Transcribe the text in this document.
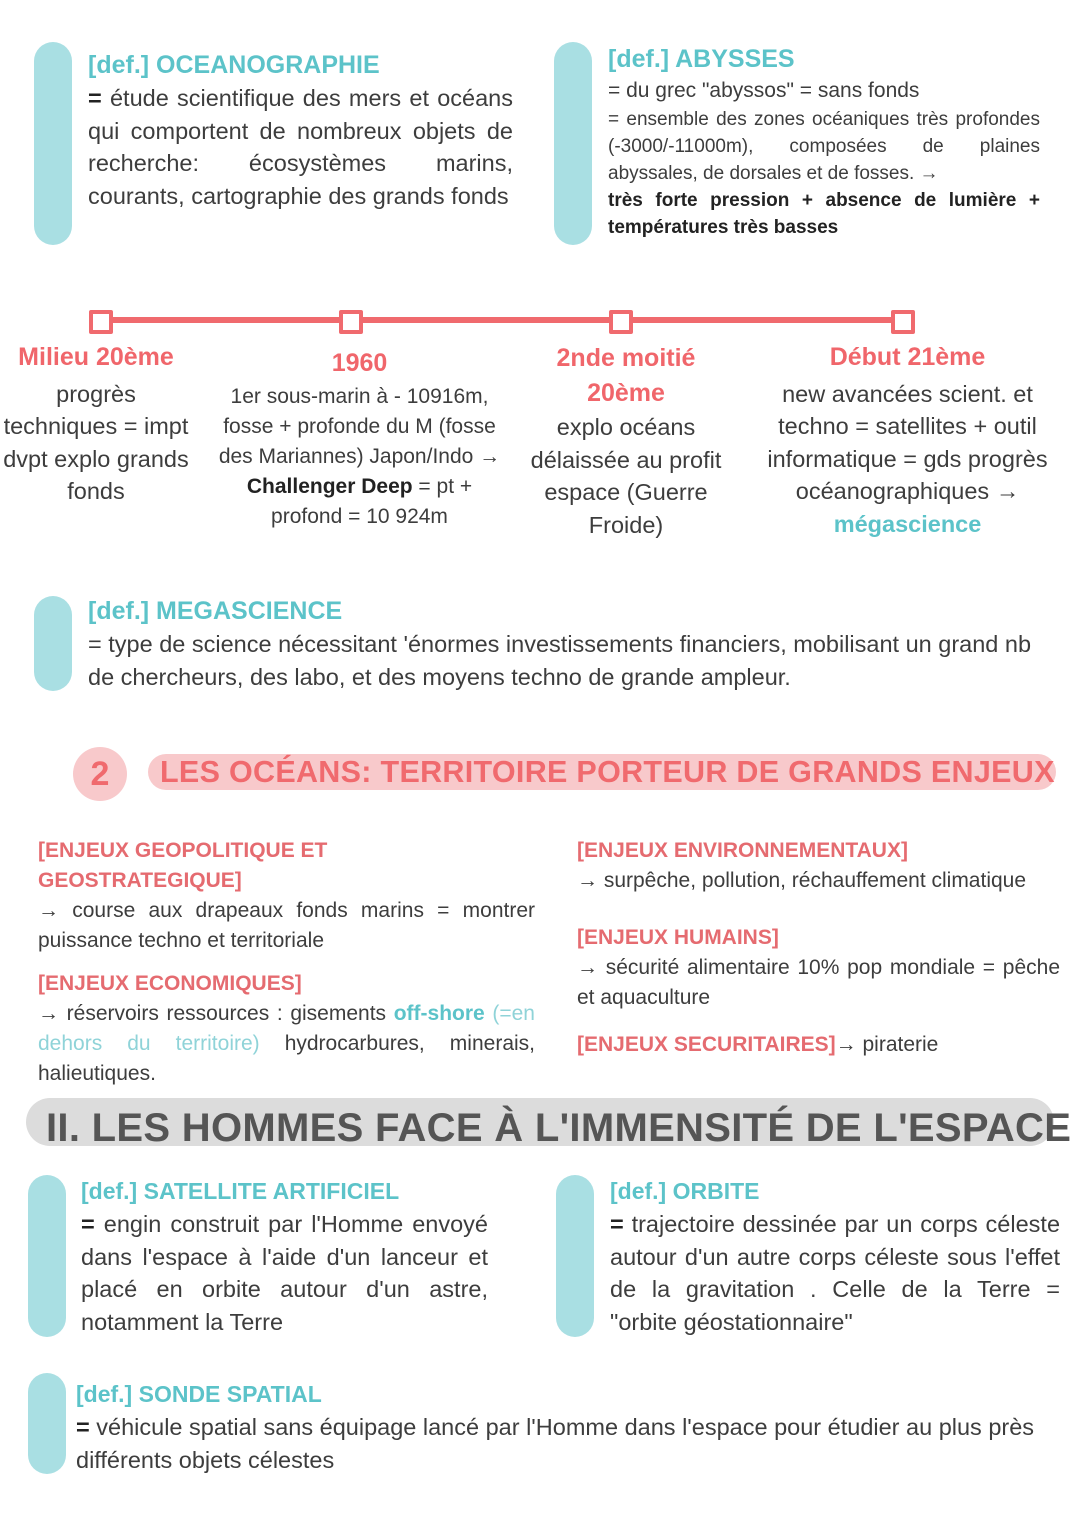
[def.] OCEANOGRAPHIE
= étude scientifique des mers et océans qui comportent de nombreux objets de recherche: écosystèmes marins, courants, cartographie des grands fonds
[def.] ABYSSES
= du grec "abyssos" = sans fonds
= ensemble des zones océaniques très profondes (-3000/-11000m), composées de plaines abyssales, de dorsales et de fosses. →
très forte pression + absence de lumière + températures très basses
Milieu 20ème
progrès techniques = impt dvpt explo grands fonds
1960
1er sous-marin à - 10916m, fosse + profonde du M (fosse des Mariannes) Japon/Indo → Challenger Deep = pt + profond = 10 924m
2nde moitié 20ème
explo océans délaissée au profit espace (Guerre Froide)
Début 21ème
new avancées scient. et techno = satellites + outil informatique = gds progrès océanographiques → mégascience
[def.] MEGASCIENCE
= type de science nécessitant 'énormes investissements financiers, mobilisant un grand nb de chercheurs, des labo, et des moyens techno de grande ampleur.
2	LES OCÉANS: TERRITOIRE PORTEUR DE GRANDS ENJEUX
[ENJEUX GEOPOLITIQUE ET GEOSTRATEGIQUE]
→ course aux drapeaux fonds marins = montrer puissance techno et territoriale
[ENJEUX ECONOMIQUES]
→ réservoirs ressources : gisements off-shore (=en dehors du territoire) hydrocarbures, minerais, halieutiques.
[ENJEUX ENVIRONNEMENTAUX]
→ surpêche, pollution, réchauffement climatique
[ENJEUX HUMAINS]
→ sécurité alimentaire 10% pop mondiale = pêche et aquaculture
[ENJEUX SECURITAIRES]→ piraterie
II. LES HOMMES FACE À L'IMMENSITÉ DE L'ESPACE
[def.] SATELLITE ARTIFICIEL
= engin construit par l'Homme envoyé dans l'espace à l'aide d'un lanceur et placé en orbite autour d'un astre, notamment la Terre
[def.] ORBITE
= trajectoire dessinée par un corps céleste autour d'un autre corps céleste sous l'effet de la gravitation . Celle de la Terre = "orbite géostationnaire"
[def.] SONDE SPATIAL
= véhicule spatial sans équipage lancé par l'Homme dans l'espace pour étudier au plus près différents objets célestes
